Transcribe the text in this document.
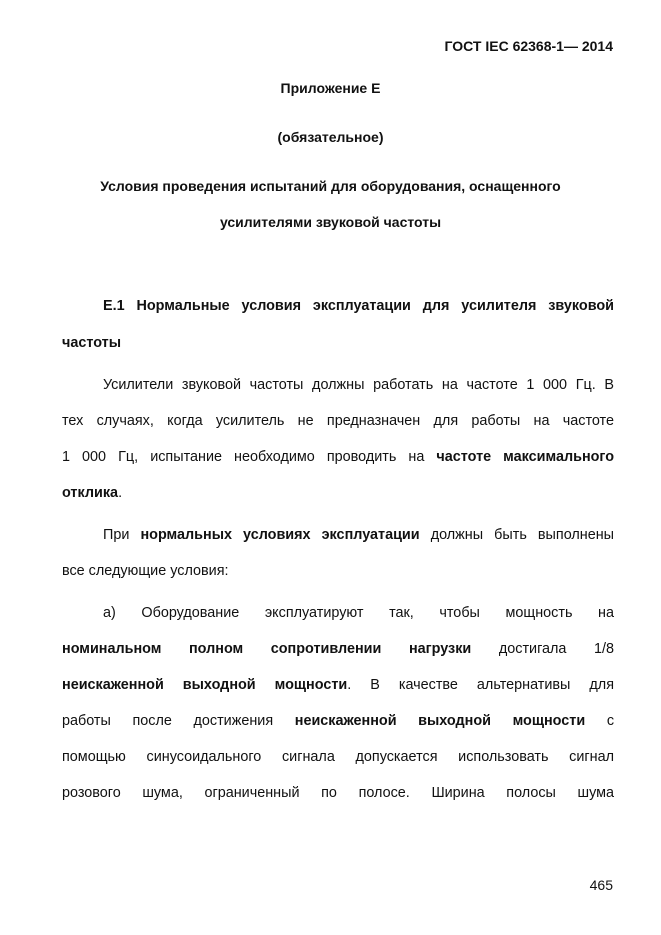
ГОСТ IEC 62368-1— 2014
Приложение E
(обязательное)
Условия проведения испытаний для оборудования, оснащенного
усилителями звуковой частоты
E.1 Нормальные условия эксплуатации для усилителя звуковой
частоты
Усилители звуковой частоты должны работать на частоте 1 000 Гц. В
тех случаях, когда усилитель не предназначен для работы на частоте
1 000 Гц, испытание необходимо проводить на частоте максимального
отклика.
При нормальных условиях эксплуатации должны быть выполнены
все следующие условия:
а) Оборудование эксплуатируют так, чтобы мощность на
номинальном полном сопротивлении нагрузки достигала 1/8
неискаженной выходной мощности. В качестве альтернативы для
работы после достижения неискаженной выходной мощности с
помощью синусоидального сигнала допускается использовать сигнал
розового шума, ограниченный по полосе. Ширина полосы шума
465
